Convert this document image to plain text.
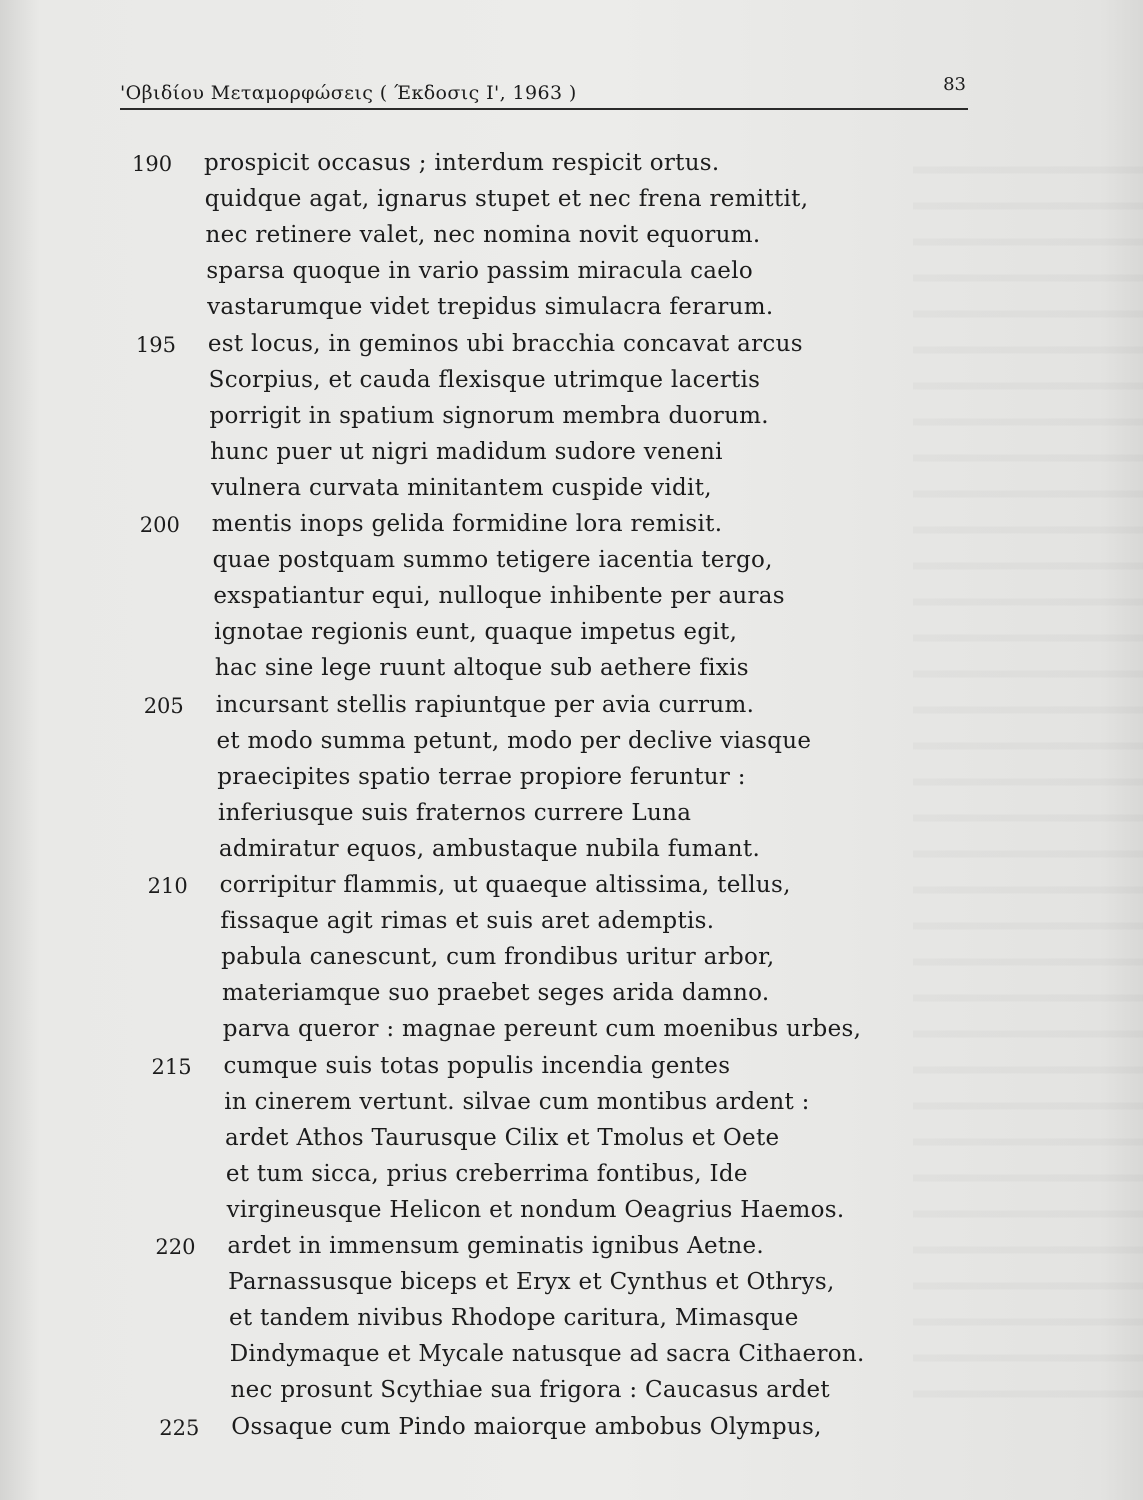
'Οβιδίου Μεταμορφώσεις ( Έκδοσις Ι', 1963 )	83
190	prospicit occasus ; interdum respicit ortus.
quidque agat, ignarus stupet et nec frena remittit,
nec retinere valet, nec nomina novit equorum.
sparsa quoque in vario passim miracula caelo
vastarumque videt trepidus simulacra ferarum.
195	est locus, in geminos ubi bracchia concavat arcus
Scorpius, et cauda flexisque utrimque lacertis
porrigit in spatium signorum membra duorum.
hunc puer ut nigri madidum sudore veneni
vulnera curvata minitantem cuspide vidit,
200	mentis inops gelida formidine lora remisit.
quae postquam summo tetigere iacentia tergo,
exspatiantur equi, nulloque inhibente per auras
ignotae regionis eunt, quaque impetus egit,
hac sine lege ruunt altoque sub aethere fixis
205	incursant stellis rapiuntque per avia currum.
et modo summa petunt, modo per declive viasque
praecipites spatio terrae propiore feruntur :
inferiusque suis fraternos currere Luna
admiratur equos, ambustaque nubila fumant.
210	corripitur flammis, ut quaeque altissima, tellus,
fissaque agit rimas et suis aret ademptis.
pabula canescunt, cum frondibus uritur arbor,
materiamque suo praebet seges arida damno.
parva queror : magnae pereunt cum moenibus urbes,
215	cumque suis totas populis incendia gentes
in cinerem vertunt. silvae cum montibus ardent :
ardet Athos Taurusque Cilix et Tmolus et Oete
et tum sicca, prius creberrima fontibus, Ide
virgineusque Helicon et nondum Oeagrius Haemos.
220	ardet in immensum geminatis ignibus Aetne.
Parnassusque biceps et Eryx et Cynthus et Othrys,
et tandem nivibus Rhodope caritura, Mimasque
Dindymaque et Mycale natusque ad sacra Cithaeron.
nec prosunt Scythiae sua frigora : Caucasus ardet
225	Ossaque cum Pindo maiorque ambobus Olympus,
